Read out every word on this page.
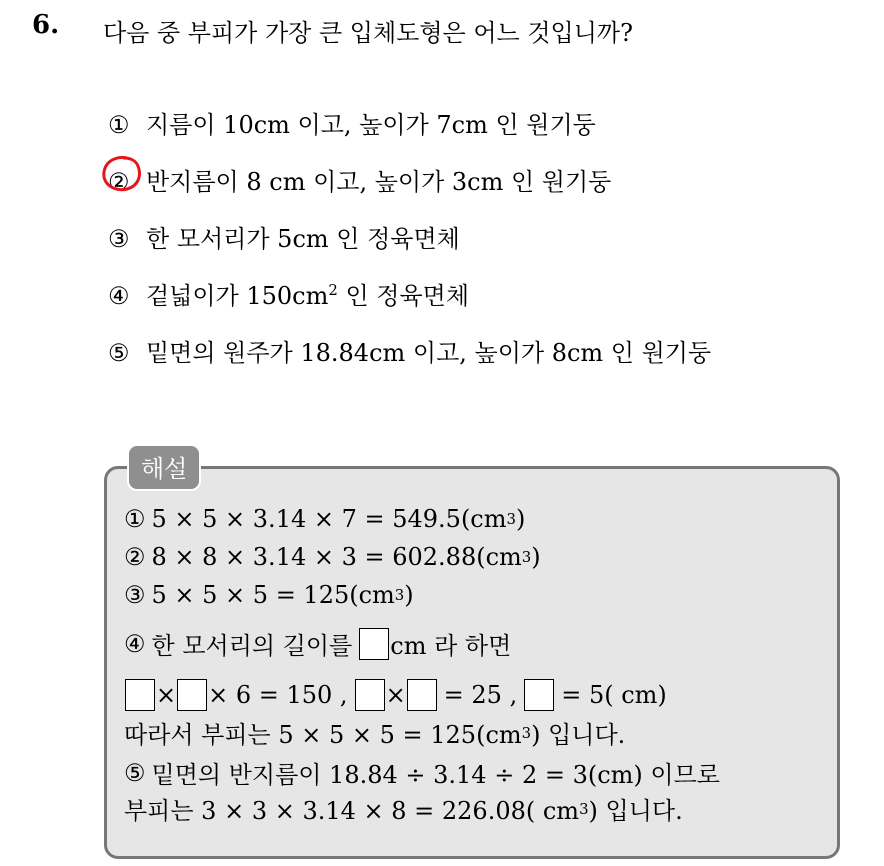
6. 다음 중 부피가 가장 큰 입체도형은 어느 것입니까?
① 지름이 10cm 이고, 높이가 7cm 인 원기둥
② 반지름이 8 cm 이고, 높이가 3cm 인 원기둥
③ 한 모서리가 5cm 인 정육면체
④ 겉넓이가 $150cm^2$ 인 정육면체
⑤ 밑면의 원주가 18.84cm 이고, 높이가 8cm 인 원기둥
해설
① 5 × 5 × 3.14 × 7 = 549.5(cm 3 )
② 8 × 8 × 3.14 × 3 = 602.88(cm 3 )
③ 5 × 5 × 5 = 125(cm 3 )
④ 한 모서리의 길이를 cm 라 하면
× × 6 = 150 , × = 25 , = 5( cm)
따라서 부피는 5 × 5 × 5 = 125(cm 3 ) 입니다.
⑤ 밑면의 반지름이 18.84 ÷ 3.14 ÷ 2 = 3(cm) 이므로
부피는 3 × 3 × 3.14 × 8 = 226.08( cm 3 ) 입니다.
